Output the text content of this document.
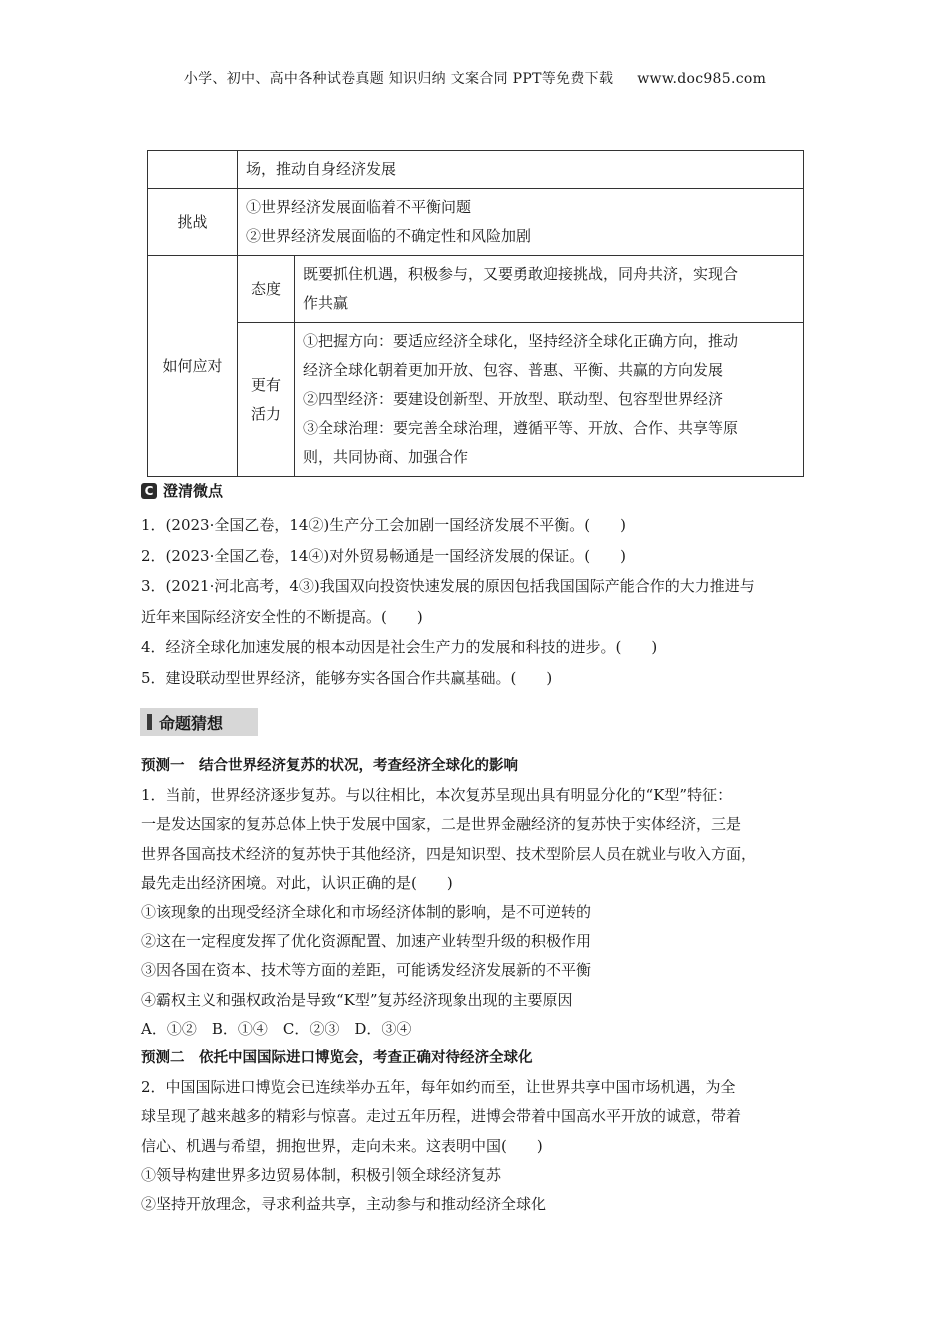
小学、初中、高中各种试卷真题 知识归纳 文案合同 PPT等免费下载 www.doc985.com
	场，推动自身经济发展	
挑战	①世界经济发展面临着不平衡问题
②世界经济发展面临的不确定性和风险加剧	

如何应对	态度	既要抓住机遇，积极参与，又要勇敢迎接挑战，同舟共济，实现合
作共赢

	更有
活力	①把握方向：要适应经济全球化，坚持经济全球化正确方向，推动
经济全球化朝着更加开放、包容、普惠、平衡、共赢的方向发展
②四型经济：要建设创新型、开放型、联动型、包容型世界经济
③全球治理：要完善全球治理，遵循平等、开放、合作、共享等原
则，共同协商、加强合作
C 澄清微点

1．(2023·全国乙卷，14②)生产分工会加剧一国经济发展不平衡。(　　)

2．(2023·全国乙卷，14④)对外贸易畅通是一国经济发展的保证。(　　)

3．(2021·河北高考，4③)我国双向投资快速发展的原因包括我国国际产能合作的大力推进与

近年来国际经济安全性的不断提高。(　　)

4．经济全球化加速发展的根本动因是社会生产力的发展和科技的进步。(　　)

5．建设联动型世界经济，能够夯实各国合作共赢基础。(　　)

命题猜想

预测一　结合世界经济复苏的状况，考查经济全球化的影响

1．当前，世界经济逐步复苏。与以往相比，本次复苏呈现出具有明显分化的“K型”特征：

一是发达国家的复苏总体上快于发展中国家，二是世界金融经济的复苏快于实体经济，三是

世界各国高技术经济的复苏快于其他经济，四是知识型、技术型阶层人员在就业与收入方面，

最先走出经济困境。对此，认识正确的是(　　)

①该现象的出现受经济全球化和市场经济体制的影响，是不可逆转的

②这在一定程度发挥了优化资源配置、加速产业转型升级的积极作用

③因各国在资本、技术等方面的差距，可能诱发经济发展新的不平衡

④霸权主义和强权政治是导致“K型”复苏经济现象出现的主要原因

A．①②　B．①④　C．②③　D．③④

预测二　依托中国国际进口博览会，考查正确对待经济全球化

2．中国国际进口博览会已连续举办五年，每年如约而至，让世界共享中国市场机遇，为全

球呈现了越来越多的精彩与惊喜。走过五年历程，进博会带着中国高水平开放的诚意，带着

信心、机遇与希望，拥抱世界，走向未来。这表明中国(　　)

①领导构建世界多边贸易体制，积极引领全球经济复苏

②坚持开放理念，寻求利益共享，主动参与和推动经济全球化
